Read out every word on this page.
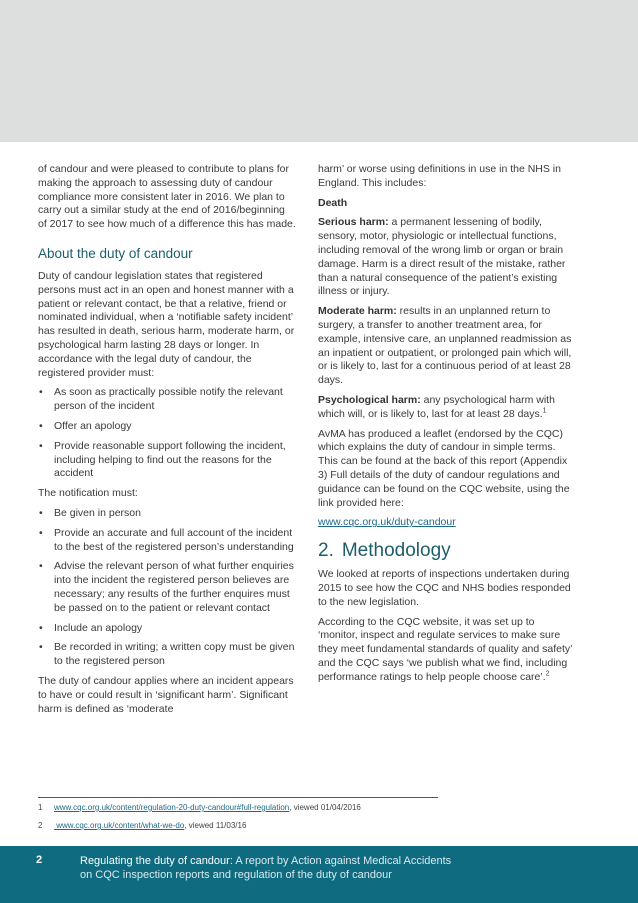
of candour and were pleased to contribute to plans for making the approach to assessing duty of candour compliance more consistent later in 2016. We plan to carry out a similar study at the end of 2016/beginning of 2017 to see how much of a difference this has made.

About the duty of candour

Duty of candour legislation states that registered persons must act in an open and honest manner with a patient or relevant contact, be that a relative, friend or nominated individual, when a ‘notifiable safety incident’ has resulted in death, serious harm, moderate harm, or psychological harm lasting 28 days or longer. In accordance with the legal duty of candour, the registered provider must:

• As soon as practically possible notify the relevant person of the incident
• Offer an apology
• Provide reasonable support following the incident, including helping to find out the reasons for the accident

The notification must:

• Be given in person
• Provide an accurate and full account of the incident to the best of the registered person’s understanding
• Advise the relevant person of what further enquiries into the incident the registered person believes are necessary; any results of the further enquires must be passed on to the patient or relevant contact
• Include an apology
• Be recorded in writing; a written copy must be given to the registered person

The duty of candour applies where an incident appears to have or could result in ‘significant harm’. Significant harm is defined as ‘moderate

harm’ or worse using definitions in use in the NHS in England. This includes:

Death

Serious harm: a permanent lessening of bodily, sensory, motor, physiologic or intellectual functions, including removal of the wrong limb or organ or brain damage. Harm is a direct result of the mistake, rather than a natural consequence of the patient’s existing illness or injury.

Moderate harm: results in an unplanned return to surgery, a transfer to another treatment area, for example, intensive care, an unplanned readmission as an inpatient or outpatient, or prolonged pain which will, or is likely to, last for a continuous period of at least 28 days.

Psychological harm: any psychological harm with which will, or is likely to, last for at least 28 days.$^1$

AvMA has produced a leaflet (endorsed by the CQC) which explains the duty of candour in simple terms. This can be found at the back of this report (Appendix 3) Full details of the duty of candour regulations and guidance can be found on the CQC website, using the link provided here:

www.cqc.org.uk/duty-candour

2. Methodology

We looked at reports of inspections undertaken during 2015 to see how the CQC and NHS bodies responded to the new legislation.

According to the CQC website, it was set up to ‘monitor, inspect and regulate services to make sure they meet fundamental standards of quality and safety’ and the CQC says ‘we publish what we find, including performance ratings to help people choose care’.$^2$

1 www.cqc.org.uk/content/regulation-20-duty-candour#full-regulation, viewed 01/04/2016
2 www.cqc.org.uk/content/what-we-do, viewed 11/03/16
2	Regulating the duty of candour: A report by Action against Medical Accidents
on CQC inspection reports and regulation of the duty of candour
